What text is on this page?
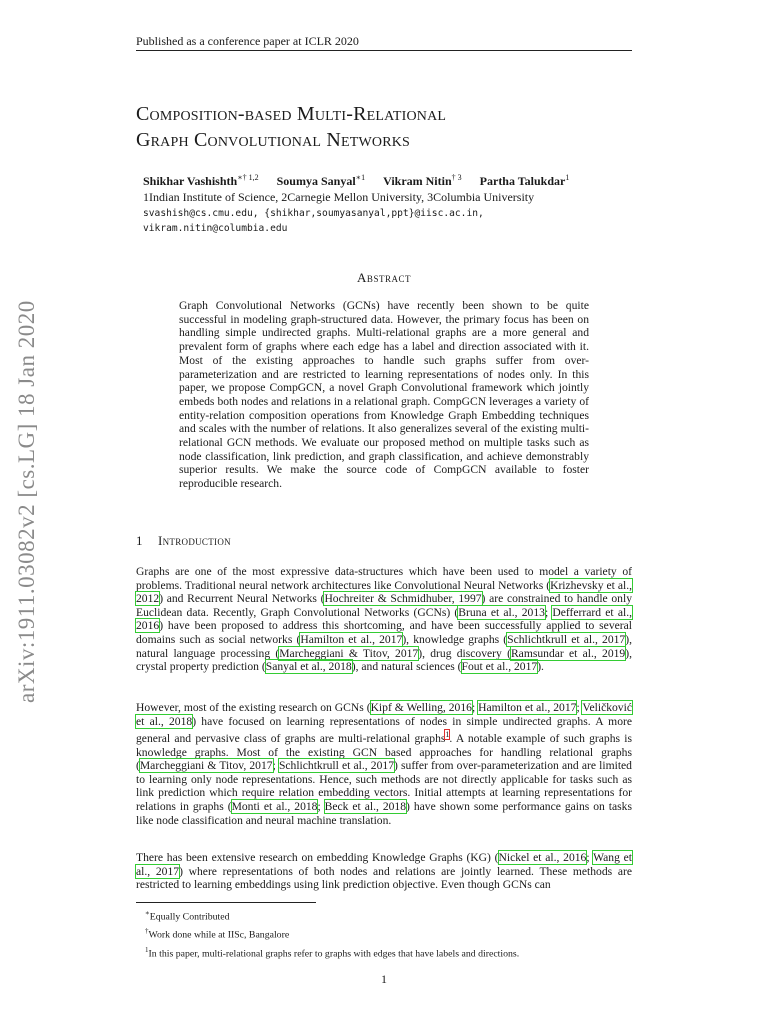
Published as a conference paper at ICLR 2020
arXiv:1911.03082v2 [cs.LG] 18 Jan 2020
Composition-based Multi-Relational
Graph Convolutional Networks
Shikhar Vashishth$^{∗\dagger 1,2}$ Soumya Sanyal$^{∗1}$ Vikram Nitin$^{\dagger 3}$ Partha Talukdar$^1$
1Indian Institute of Science, 2Carnegie Mellon University, 3Columbia University
svashish@cs.cmu.edu, {shikhar,soumyasanyal,ppt}@iisc.ac.in,
vikram.nitin@columbia.edu
Abstract
Graph Convolutional Networks (GCNs) have recently been shown to be quite successful in modeling graph-structured data. However, the primary focus has been on handling simple undirected graphs. Multi-relational graphs are a more general and prevalent form of graphs where each edge has a label and direction associated with it. Most of the existing approaches to handle such graphs suffer from over-parameterization and are restricted to learning representations of nodes only. In this paper, we propose CompGCN, a novel Graph Convolutional framework which jointly embeds both nodes and relations in a relational graph. CompGCN leverages a variety of entity-relation composition operations from Knowledge Graph Embedding techniques and scales with the number of relations. It also generalizes several of the existing multi-relational GCN methods. We evaluate our proposed method on multiple tasks such as node classification, link prediction, and graph classification, and achieve demonstrably superior results. We make the source code of CompGCN available to foster reproducible research.
1 Introduction
Graphs are one of the most expressive data-structures which have been used to model a variety of problems. Traditional neural network architectures like Convolutional Neural Networks (Krizhevsky et al., 2012) and Recurrent Neural Networks (Hochreiter & Schmidhuber, 1997) are constrained to handle only Euclidean data. Recently, Graph Convolutional Networks (GCNs) (Bruna et al., 2013; Defferrard et al., 2016) have been proposed to address this shortcoming, and have been successfully applied to several domains such as social networks (Hamilton et al., 2017), knowledge graphs (Schlichtkrull et al., 2017), natural language processing (Marcheggiani & Titov, 2017), drug discovery (Ramsundar et al., 2019), crystal property prediction (Sanyal et al., 2018), and natural sciences (Fout et al., 2017).
However, most of the existing research on GCNs (Kipf & Welling, 2016; Hamilton et al., 2017; Veličković et al., 2018) have focused on learning representations of nodes in simple undirected graphs. A more general and pervasive class of graphs are multi-relational graphs$^1$. A notable example of such graphs is knowledge graphs. Most of the existing GCN based approaches for handling relational graphs (Marcheggiani & Titov, 2017; Schlichtkrull et al., 2017) suffer from over-parameterization and are limited to learning only node representations. Hence, such methods are not directly applicable for tasks such as link prediction which require relation embedding vectors. Initial attempts at learning representations for relations in graphs (Monti et al., 2018; Beck et al., 2018) have shown some performance gains on tasks like node classification and neural machine translation.
There has been extensive research on embedding Knowledge Graphs (KG) (Nickel et al., 2016; Wang et al., 2017) where representations of both nodes and relations are jointly learned. These methods are restricted to learning embeddings using link prediction objective. Even though GCNs can
∗Equally Contributed
†Work done while at IISc, Bangalore
$^1$In this paper, multi-relational graphs refer to graphs with edges that have labels and directions.
1
